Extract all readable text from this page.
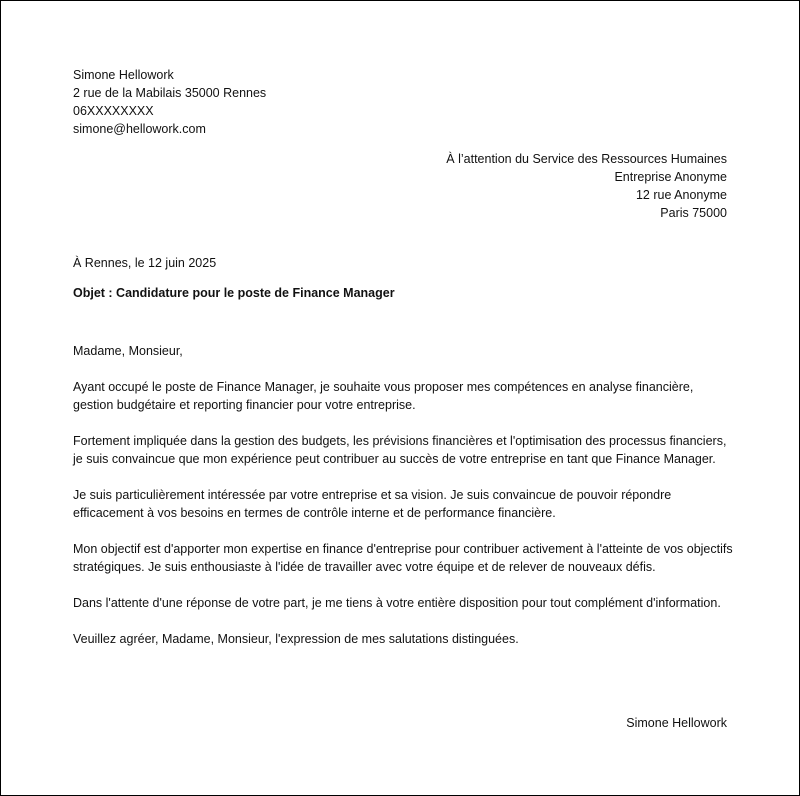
Simone Hellowork
2 rue de la Mabilais 35000 Rennes
06XXXXXXXX
simone@hellowork.com
À l’attention du Service des Ressources Humaines
Entreprise Anonyme
12 rue Anonyme
Paris 75000
À Rennes, le 12 juin 2025
Objet : Candidature pour le poste de Finance Manager

Madame, Monsieur,

Ayant occupé le poste de Finance Manager, je souhaite vous proposer mes compétences en analyse financière, gestion budgétaire et reporting financier pour votre entreprise.

Fortement impliquée dans la gestion des budgets, les prévisions financières et l'optimisation des processus financiers, je suis convaincue que mon expérience peut contribuer au succès de votre entreprise en tant que Finance Manager.

Je suis particulièrement intéressée par votre entreprise et sa vision. Je suis convaincue de pouvoir répondre efficacement à vos besoins en termes de contrôle interne et de performance financière.

Mon objectif est d'apporter mon expertise en finance d'entreprise pour contribuer activement à l'atteinte de vos objectifs stratégiques. Je suis enthousiaste à l'idée de travailler avec votre équipe et de relever de nouveaux défis.

Dans l'attente d'une réponse de votre part, je me tiens à votre entière disposition pour tout complément d'information.

Veuillez agréer, Madame, Monsieur, l'expression de mes salutations distinguées.

Simone Hellowork
